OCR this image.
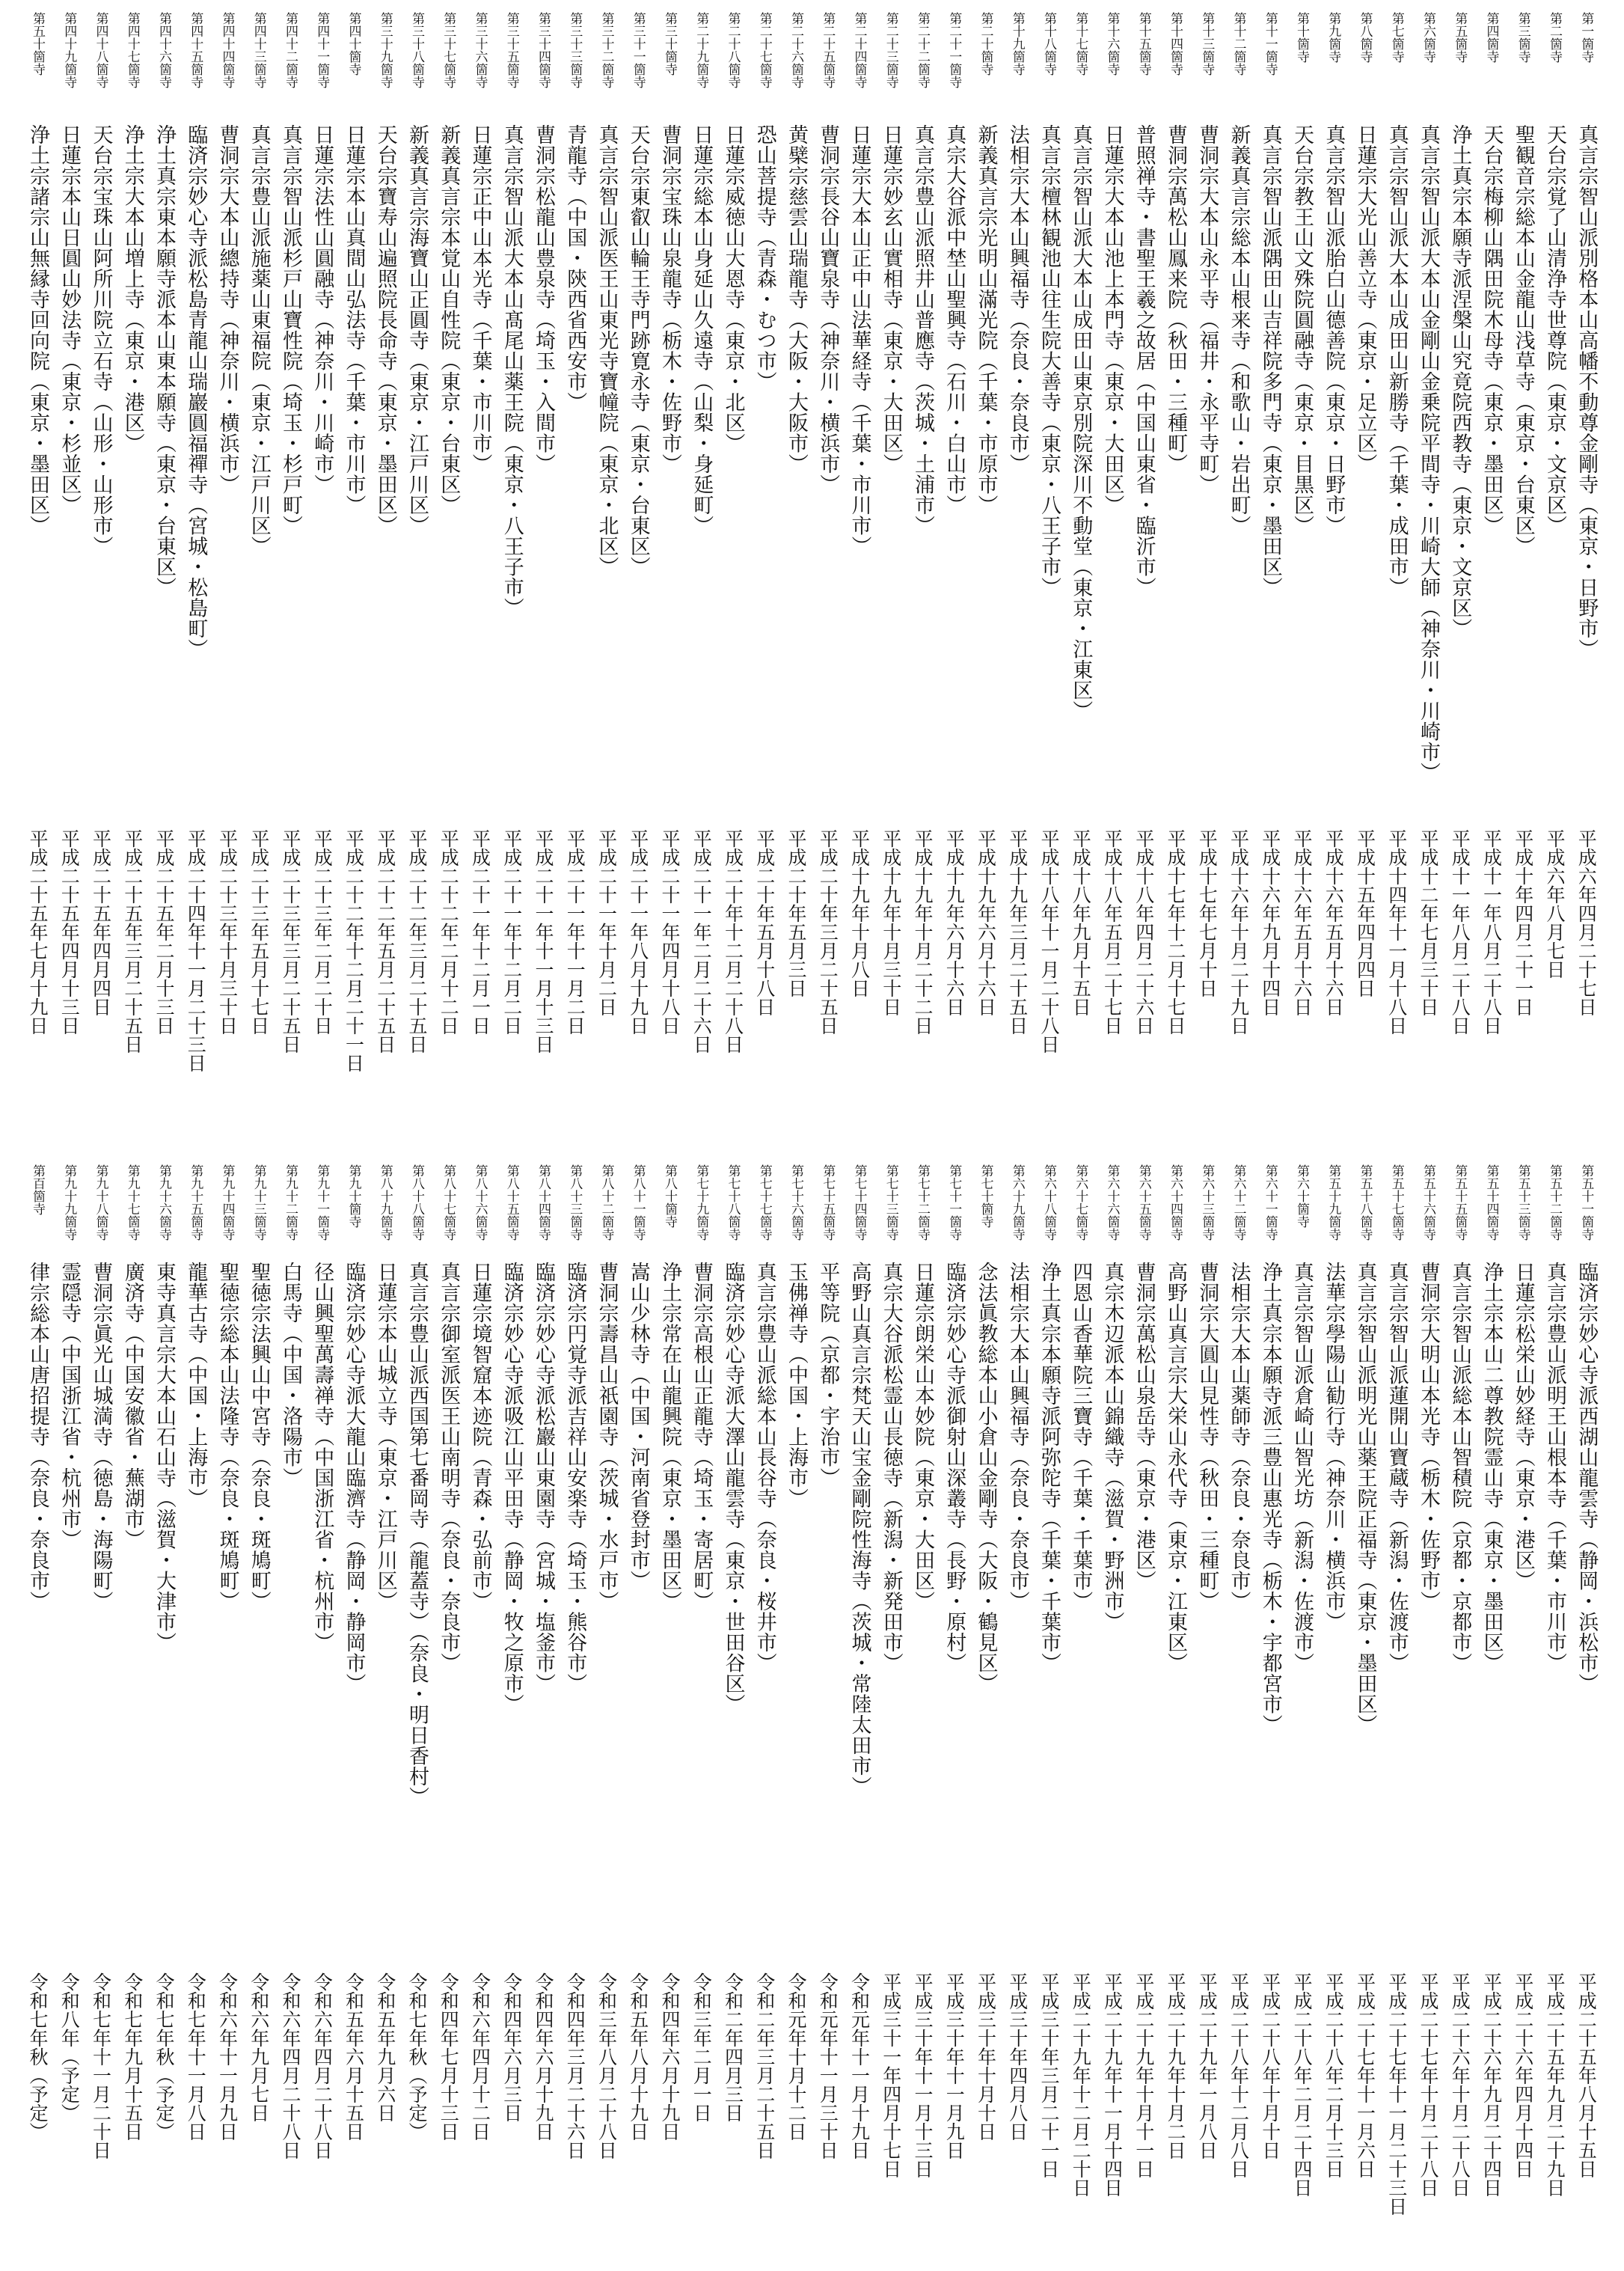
第一箇寺
真言宗智山派別格本山高幡不動尊金剛寺（東京・日野市）
平成六年四月二十七日
第二箇寺
天台宗覚了山清浄寺世尊院（東京・文京区）
平成六年八月七日
第三箇寺
聖観音宗総本山金龍山浅草寺（東京・台東区）
平成十年四月二十一日
第四箇寺
天台宗梅柳山隅田院木母寺（東京・墨田区）
平成十一年八月二十八日
第五箇寺
浄土真宗本願寺派涅槃山究竟院西教寺（東京・文京区）
平成十一年八月二十八日
第六箇寺
真言宗智山派大本山金剛山金乗院平間寺・川崎大師（神奈川・川崎市）
平成十二年七月三十日
第七箇寺
真言宗智山派大本山成田山新勝寺（千葉・成田市）
平成十四年十一月十八日
第八箇寺
日蓮宗大光山善立寺（東京・足立区）
平成十五年四月四日
第九箇寺
真言宗智山派胎白山德善院（東京・日野市）
平成十六年五月十六日
第十箇寺
天台宗教王山文殊院圓融寺（東京・目黒区）
平成十六年五月十六日
第十一箇寺
真言宗智山派隅田山吉祥院多門寺（東京・墨田区）
平成十六年九月十四日
第十二箇寺
新義真言宗総本山根来寺（和歌山・岩出町）
平成十六年十月二十九日
第十三箇寺
曹洞宗大本山永平寺（福井・永平寺町）
平成十七年七月十日
第十四箇寺
曹洞宗萬松山鳳来院（秋田・三種町）
平成十七年十二月十七日
第十五箇寺
普照禅寺・書聖王羲之故居（中国山東省・臨沂市）
平成十八年四月二十六日
第十六箇寺
日蓮宗大本山池上本門寺（東京・大田区）
平成十八年五月二十七日
第十七箇寺
真言宗智山派大本山成田山東京別院深川不動堂（東京・江東区）
平成十八年九月十五日
第十八箇寺
真言宗檀林観池山往生院大善寺（東京・八王子市）
平成十八年十一月二十八日
第十九箇寺
法相宗大本山興福寺（奈良・奈良市）
平成十九年三月二十五日
第二十箇寺
新義真言宗光明山滿光院（千葉・市原市）
平成十九年六月十六日
第二十一箇寺
真宗大谷派中埜山聖興寺（石川・白山市）
平成十九年六月十六日
第二十二箇寺
真言宗豊山派照井山普應寺（茨城・土浦市）
平成十九年十月二十二日
第二十三箇寺
日蓮宗妙玄山實相寺（東京・大田区）
平成十九年十月三十日
第二十四箇寺
日蓮宗大本山正中山法華経寺（千葉・市川市）
平成十九年十月八日
第二十五箇寺
曹洞宗長谷山寶泉寺（神奈川・横浜市）
平成二十年三月二十五日
第二十六箇寺
黄檗宗慈雲山瑞龍寺（大阪・大阪市）
平成二十年五月三日
第二十七箇寺
恐山菩提寺（青森・むつ市）
平成二十年五月十八日
第二十八箇寺
日蓮宗威徳山大恩寺（東京・北区）
平成二十年十二月二十八日
第二十九箇寺
日蓮宗総本山身延山久遠寺（山梨・身延町）
平成二十一年二月二十六日
第三十箇寺
曹洞宗宝珠山泉龍寺（栃木・佐野市）
平成二十一年四月十八日
第三十一箇寺
天台宗東叡山輪王寺門跡寛永寺（東京・台東区）
平成二十一年八月十九日
第三十二箇寺
真言宗智山派医王山東光寺寶幢院（東京・北区）
平成二十一年十月二日
第三十三箇寺
青龍寺（中国・陝西省西安市）
平成二十一年十一月二日
第三十四箇寺
曹洞宗松龍山豊泉寺（埼玉・入間市）
平成二十一年十一月十三日
第三十五箇寺
真言宗智山派大本山髙尾山薬王院（東京・八王子市）
平成二十一年十二月二日
第三十六箇寺
日蓮宗正中山本光寺（千葉・市川市）
平成二十一年十二月一日
第三十七箇寺
新義真言宗本覚山自性院（東京・台東区）
平成二十二年二月十二日
第三十八箇寺
新義真言宗海寶山正圓寺（東京・江戸川区）
平成二十二年三月二十五日
第三十九箇寺
天台宗寶寿山遍照院長命寺（東京・墨田区）
平成二十二年五月二十五日
第四十箇寺
日蓮宗本山真間山弘法寺（千葉・市川市）
平成二十二年十二月二十一日
第四十一箇寺
日蓮宗法性山圓融寺（神奈川・川崎市）
平成二十三年二月二十日
第四十二箇寺
真言宗智山派杉戸山寶性院（埼玉・杉戸町）
平成二十三年三月二十五日
第四十三箇寺
真言宗豊山派施薬山東福院（東京・江戸川区）
平成二十三年五月十七日
第四十四箇寺
曹洞宗大本山總持寺（神奈川・横浜市）
平成二十三年十月三十日
第四十五箇寺
臨済宗妙心寺派松島青龍山瑞巖圓福禪寺（宮城・松島町）
平成二十四年十一月二十三日
第四十六箇寺
浄土真宗東本願寺派本山東本願寺（東京・台東区）
平成二十五年二月十三日
第四十七箇寺
浄土宗大本山増上寺（東京・港区）
平成二十五年三月二十五日
第四十八箇寺
天台宗宝珠山阿所川院立石寺（山形・山形市）
平成二十五年四月四日
第四十九箇寺
日蓮宗本山日圓山妙法寺（東京・杉並区）
平成二十五年四月十三日
第五十箇寺
浄土宗諸宗山無縁寺回向院（東京・墨田区）
平成二十五年七月十九日
第五十一箇寺
臨済宗妙心寺派西湖山龍雲寺（静岡・浜松市）
平成二十五年八月十五日
第五十二箇寺
真言宗豊山派明王山根本寺（千葉・市川市）
平成二十五年九月二十九日
第五十三箇寺
日蓮宗松栄山妙経寺（東京・港区）
平成二十六年四月十四日
第五十四箇寺
浄土宗本山二尊教院霊山寺（東京・墨田区）
平成二十六年九月二十四日
第五十五箇寺
真言宗智山派総本山智積院（京都・京都市）
平成二十六年十月二十八日
第五十六箇寺
曹洞宗大明山本光寺（栃木・佐野市）
平成二十七年十月二十八日
第五十七箇寺
真言宗智山派蓮開山寶蔵寺（新潟・佐渡市）
平成二十七年十一月二十三日
第五十八箇寺
真言宗智山派明光山薬王院正福寺（東京・墨田区）
平成二十七年十一月六日
第五十九箇寺
法華宗學陽山勧行寺（神奈川・横浜市）
平成二十八年二月十三日
第六十箇寺
真言宗智山派倉崎山智光坊（新潟・佐渡市）
平成二十八年二月二十四日
第六十一箇寺
浄土真宗本願寺派三豊山惠光寺（栃木・宇都宮市）
平成二十八年十月十日
第六十二箇寺
法相宗大本山薬師寺（奈良・奈良市）
平成二十八年十二月八日
第六十三箇寺
曹洞宗大圓山見性寺（秋田・三種町）
平成二十九年一月八日
第六十四箇寺
高野山真言宗大栄山永代寺（東京・江東区）
平成二十九年十月二日
第六十五箇寺
曹洞宗萬松山泉岳寺（東京・港区）
平成二十九年十月十一日
第六十六箇寺
真宗木辺派本山錦織寺（滋賀・野洲市）
平成二十九年十一月十四日
第六十七箇寺
四恩山香華院三寶寺（千葉・千葉市）
平成二十九年十二月二十日
第六十八箇寺
浄土真宗本願寺派阿弥陀寺（千葉・千葉市）
平成三十年三月二十一日
第六十九箇寺
法相宗大本山興福寺（奈良・奈良市）
平成三十年四月八日
第七十箇寺
念法眞教総本山小倉山金剛寺（大阪・鶴見区）
平成三十年十月十日
第七十一箇寺
臨済宗妙心寺派御射山深叢寺（長野・原村）
平成三十年十一月九日
第七十二箇寺
日蓮宗朗栄山本妙院（東京・大田区）
平成三十年十一月十三日
第七十三箇寺
真宗大谷派松霊山長徳寺（新潟・新発田市）
平成三十一年四月十七日
第七十四箇寺
高野山真言宗梵天山宝金剛院性海寺（茨城・常陸太田市）
令和元年十一月十九日
第七十五箇寺
平等院（京都・宇治市）
令和元年十一月三十日
第七十六箇寺
玉佛禅寺（中国・上海市）
令和元年十月十二日
第七十七箇寺
真言宗豊山派総本山長谷寺（奈良・桜井市）
令和二年三月二十五日
第七十八箇寺
臨済宗妙心寺派大澤山龍雲寺（東京・世田谷区）
令和二年四月三日
第七十九箇寺
曹洞宗高根山正龍寺（埼玉・寄居町）
令和三年二月一日
第八十箇寺
浄土宗常在山龍興院（東京・墨田区）
令和四年六月十九日
第八十一箇寺
嵩山少林寺（中国・河南省登封市）
令和五年八月十九日
第八十二箇寺
曹洞宗壽昌山祇園寺（茨城・水戸市）
令和三年八月二十八日
第八十三箇寺
臨済宗円覚寺派吉祥山安楽寺（埼玉・熊谷市）
令和四年三月二十六日
第八十四箇寺
臨済宗妙心寺派松巖山東園寺（宮城・塩釜市）
令和四年六月十九日
第八十五箇寺
臨済宗妙心寺派吸江山平田寺（静岡・牧之原市）
令和四年六月三日
第八十六箇寺
日蓮宗境智窟本迹院（青森・弘前市）
令和六年四月十二日
第八十七箇寺
真言宗御室派医王山南明寺（奈良・奈良市）
令和四年七月十三日
第八十八箇寺
真言宗豊山派西国第七番岡寺（龍蓋寺）（奈良・明日香村）
令和七年秋（予定）
第八十九箇寺
日蓮宗本山城立寺（東京・江戸川区）
令和五年九月六日
第九十箇寺
臨済宗妙心寺派大龍山臨濟寺（静岡・静岡市）
令和五年六月十五日
第九十一箇寺
径山興聖萬壽禅寺（中国浙江省・杭州市）
令和六年四月二十八日
第九十二箇寺
白馬寺（中国・洛陽市）
令和六年四月二十八日
第九十三箇寺
聖徳宗法興山中宮寺（奈良・斑鳩町）
令和六年九月七日
第九十四箇寺
聖徳宗総本山法隆寺（奈良・斑鳩町）
令和六年十一月九日
第九十五箇寺
龍華古寺（中国・上海市）
令和七年十一月八日
第九十六箇寺
東寺真言宗大本山石山寺（滋賀・大津市）
令和七年秋（予定）
第九十七箇寺
廣済寺（中国安徽省・蕪湖市）
令和七年九月十五日
第九十八箇寺
曹洞宗眞光山城満寺（徳島・海陽町）
令和七年十一月二十日
第九十九箇寺
霊隠寺（中国浙江省・杭州市）
令和八年（予定）
第百箇寺
律宗総本山唐招提寺（奈良・奈良市）
令和七年秋（予定）
